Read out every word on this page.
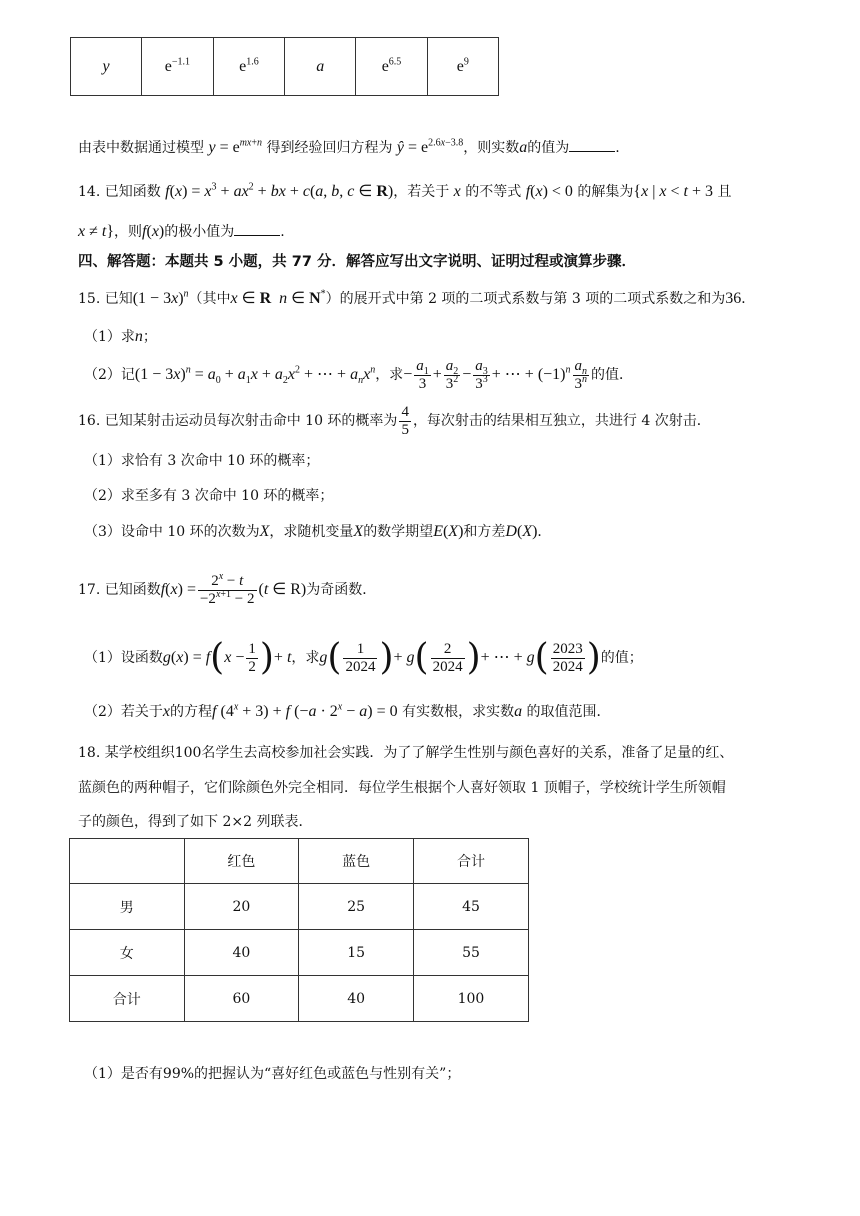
y	$e^{-1.1}$	$e^{1.6}$	a	$e^{6.5}$	$e^9$
由表中数据通过模型 $y = e^{mx+n}$ 得到经验回归方程为 ŷ = $e^{2.6x-3.8}$，则实数a的值为	.
14. 已知函数 $f(x) = x^3 + ax^2$ + bx + c(a, b, c ∈ R)，若关于 x 的不等式 f(x) < 0 的解集为{x | x < t + 3 且
x ≠ t}，则f(x)的极小值为	.
四、解答题：本题共 5 小题，共 77 分．解答应写出文字说明、证明过程或演算步骤．
15. 已知$(1 - 3x)^n$（其中x ∈ R n ∈ N*）的展开式中第 2 项的二项式系数与第 3 项的二项式系数之和为36．
（1）求n；
（2）记$(1 - 3x)^n = a_0 + a_1x + a_2x^2$ + ⋯ + $a_nx^n$，求− $\frac{a_1}{3} + \frac{a_2}{3^2} - \frac{a_3}{3^3}$ + ⋯ + $(-1)^n \frac{a_n}{3^n}$ 的值．
16. 已知某射击运动员每次射击命中 10 环的概率为 $\frac{4}{5}$ ，每次射击的结果相互独立，共进行 4 次射击．
（1）求恰有 3 次命中 10 环的概率；
（2）求至多有 3 次命中 10 环的概率；
（3）设命中 10 环的次数为X，求随机变量X的数学期望E(X)和方差D(X)．
17. 已知函数$f(x) = \frac{2^x - t}{-2^{x+1} - 2} (t$ ∈ R)为奇函数．
（1）设函数$g(x) = f(x - \frac{1}{2}$ )+ t，求$g( \frac{1}{2024}$ )+ $g( \frac{2}{2024}$ )+ ⋯ + $g( \frac{2023}{2024}$ )的值；
（2）若关于x的方程f $(4^x + 3) + f$ $(-a \cdot 2^x - a) = 0$ 有实数根，求实数a 的取值范围．
18. 某学校组织100名学生去高校参加社会实践．为了了解学生性别与颜色喜好的关系，准备了足量的红、
蓝颜色的两种帽子，它们除颜色外完全相同．每位学生根据个人喜好领取 1 顶帽子，学校统计学生所领帽
子的颜色，得到了如下 2×2 列联表．
	红色	蓝色	合计
男	20	25	45
女	40	15	55
合计	60	40	100
（1）是否有99%的把握认为“喜好红色或蓝色与性别有关”；
